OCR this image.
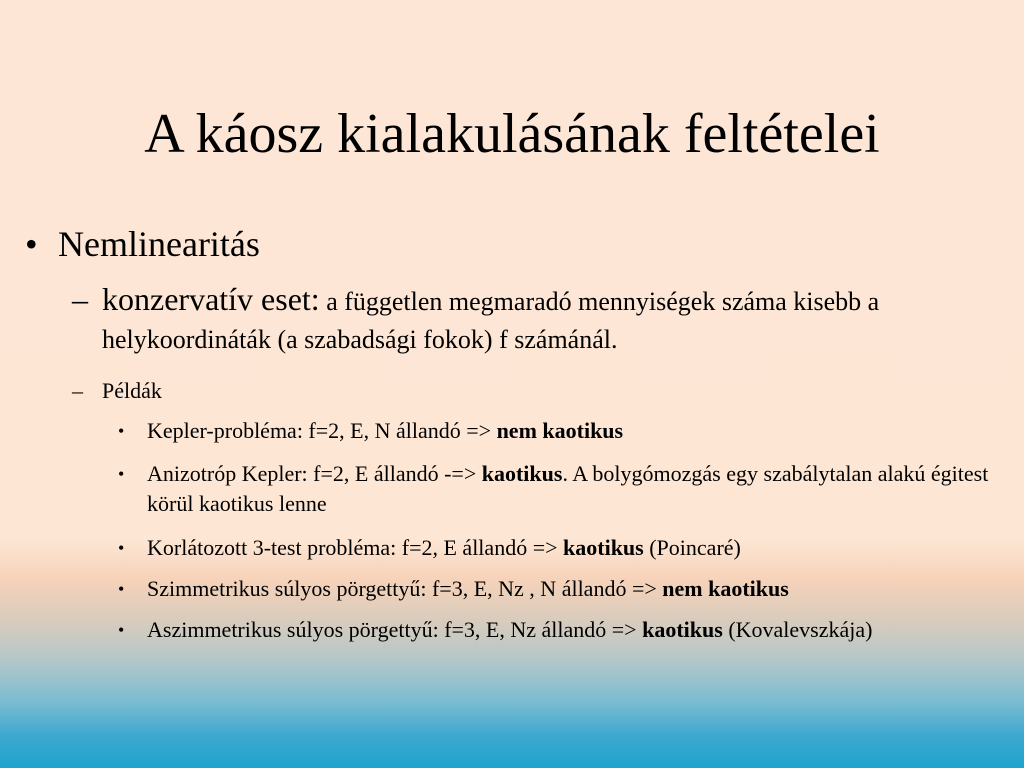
A káosz kialakulásának feltételei
• Nemlinearitás
– konzervatív eset: a független megmaradó mennyiségek száma kisebb a helykoordináták (a szabadsági fokok) f számánál.
– Példák
• Kepler-probléma: f=2, E, N állandó => nem kaotikus
• Anizotróp Kepler: f=2, E állandó -=> kaotikus. A bolygómozgás egy szabálytalan alakú égitest körül kaotikus lenne
• Korlátozott 3-test probléma: f=2, E állandó => kaotikus (Poincaré)
• Szimmetrikus súlyos pörgettyű: f=3, E, Nz , N állandó => nem kaotikus
• Aszimmetrikus súlyos pörgettyű: f=3, E, Nz állandó => kaotikus (Kovalevszkája)
